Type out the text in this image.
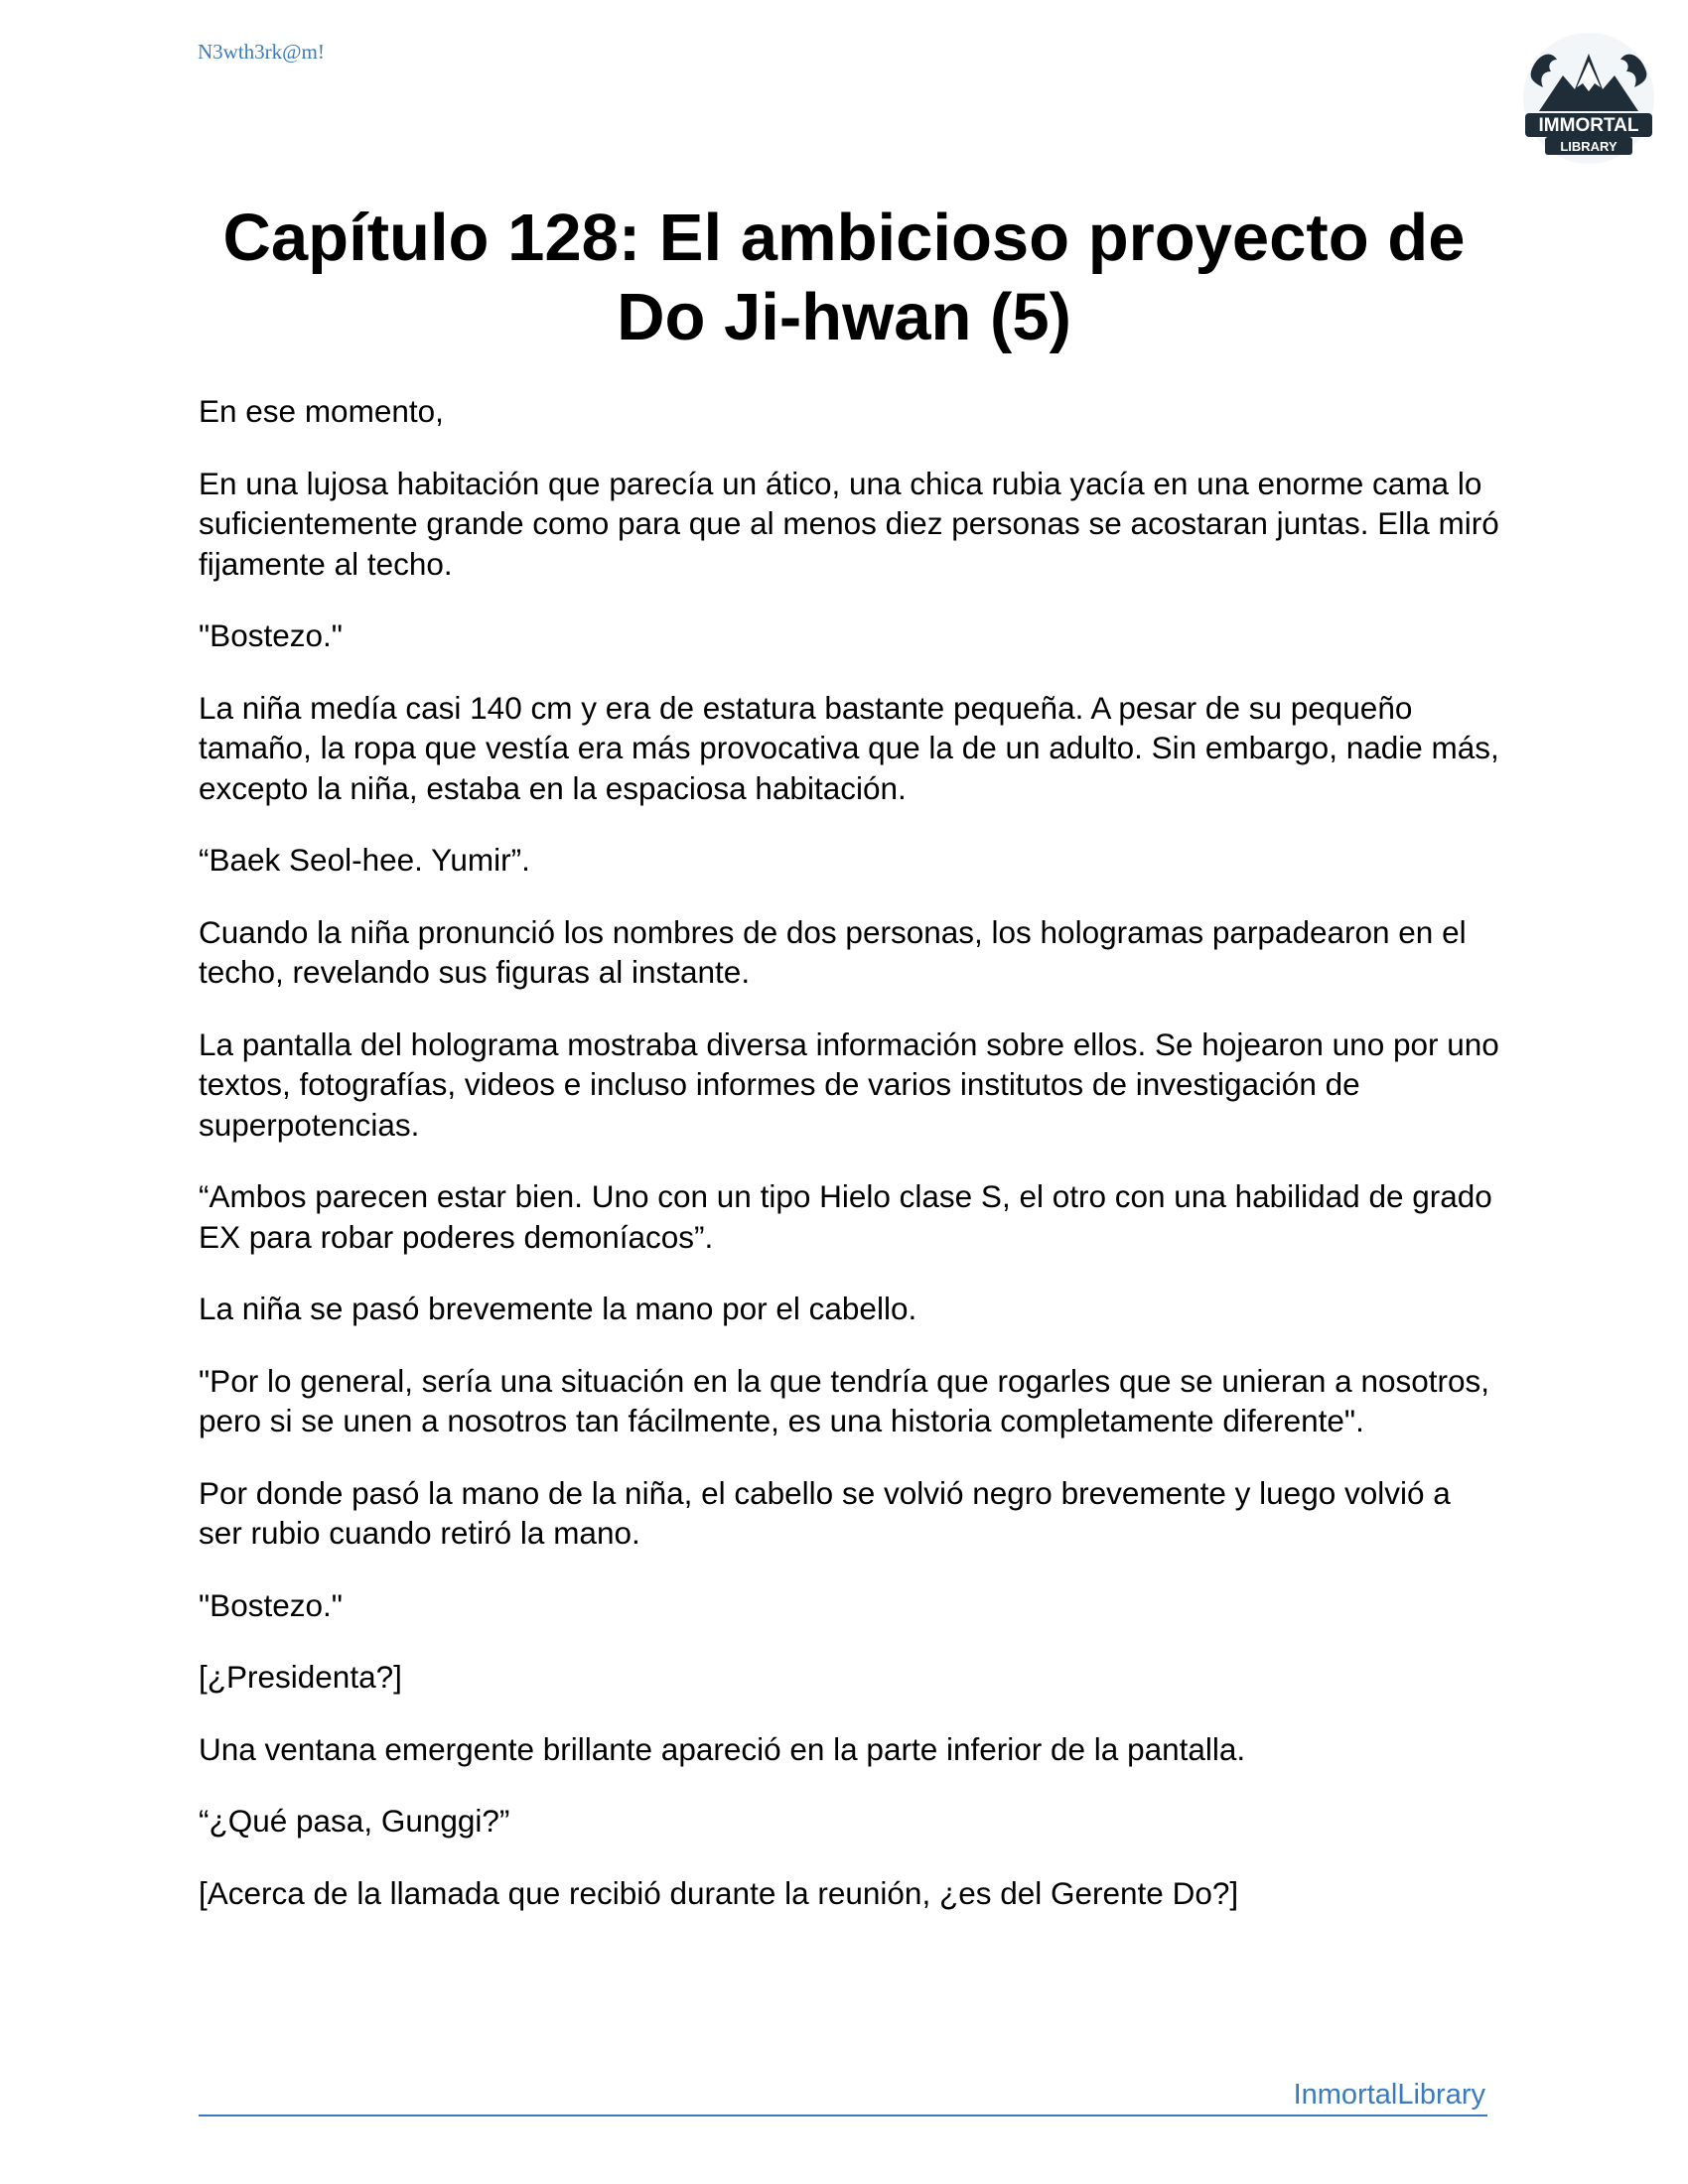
N3wth3rk@m!
IMMORTAL
LIBRARY
Capítulo 128: El ambicioso proyecto de
Do Ji-hwan (5)

En ese momento,

En una lujosa habitación que parecía un ático, una chica rubia yacía en una enorme cama lo suficientemente grande como para que al menos diez personas se acostaran juntas. Ella miró fijamente al techo.

"Bostezo."

La niña medía casi 140 cm y era de estatura bastante pequeña. A pesar de su pequeño tamaño, la ropa que vestía era más provocativa que la de un adulto. Sin embargo, nadie más, excepto la niña, estaba en la espaciosa habitación.

“Baek Seol-hee. Yumir”.

Cuando la niña pronunció los nombres de dos personas, los hologramas parpadearon en el techo, revelando sus figuras al instante.

La pantalla del holograma mostraba diversa información sobre ellos. Se hojearon uno por uno textos, fotografías, videos e incluso informes de varios institutos de investigación de superpotencias.

“Ambos parecen estar bien. Uno con un tipo Hielo clase S, el otro con una habilidad de grado EX para robar poderes demoníacos”.

La niña se pasó brevemente la mano por el cabello.

"Por lo general, sería una situación en la que tendría que rogarles que se unieran a nosotros, pero si se unen a nosotros tan fácilmente, es una historia completamente diferente".

Por donde pasó la mano de la niña, el cabello se volvió negro brevemente y luego volvió a ser rubio cuando retiró la mano.

"Bostezo."

[¿Presidenta?]

Una ventana emergente brillante apareció en la parte inferior de la pantalla.

“¿Qué pasa, Gunggi?”

[Acerca de la llamada que recibió durante la reunión, ¿es del Gerente Do?]

InmortalLibrary
